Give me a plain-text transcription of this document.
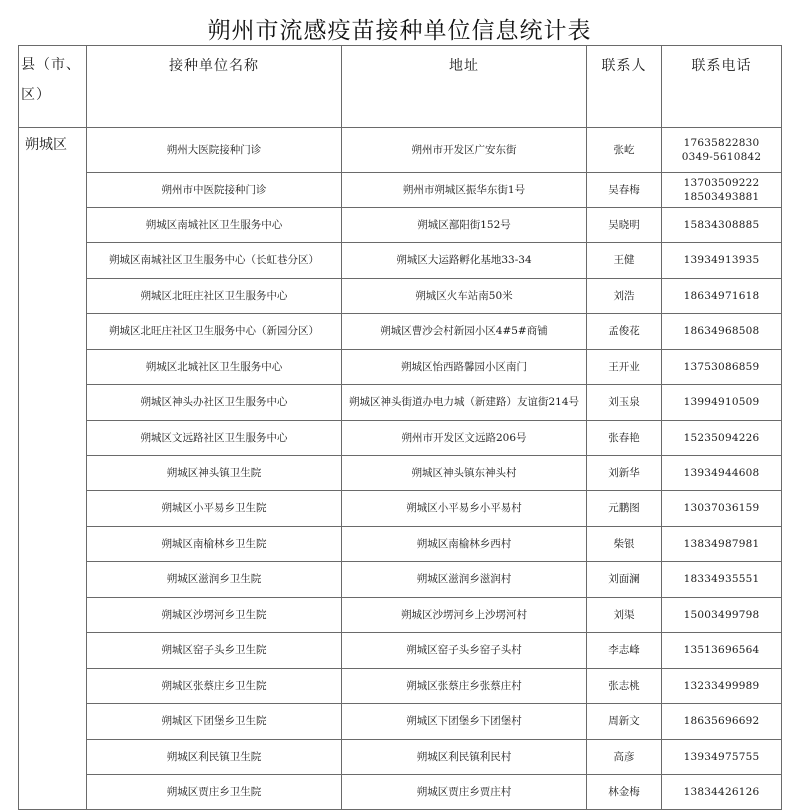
朔州市流感疫苗接种单位信息统计表
县（市、区）	接种单位名称	地址	联系人	联系电话
朔城区	朔州大医院接种门诊	朔州市开发区广安东街	张屹	17635822830
0349-5610842

	朔州市中医院接种门诊	朔州市朔城区振华东街1号	吴春梅	13703509222
18503493881

	朔城区南城社区卫生服务中心	朔城区鄯阳街152号	吴晓明	15834308885

	朔城区南城社区卫生服务中心（长虹巷分区）	朔城区大运路孵化基地33-34	王健	13934913935

	朔城区北旺庄社区卫生服务中心	朔城区火车站南50米	刘浩	18634971618

	朔城区北旺庄社区卫生服务中心（新园分区）	朔城区曹沙会村新园小区4#5#商铺	孟俊花	18634968508

	朔城区北城社区卫生服务中心	朔城区怡西路馨园小区南门	王开业	13753086859

	朔城区神头办社区卫生服务中心	朔城区神头街道办电力城（新建路）友谊街214号	刘玉泉	13994910509

	朔城区文远路社区卫生服务中心	朔州市开发区文远路206号	张春艳	15235094226

	朔城区神头镇卫生院	朔城区神头镇东神头村	刘新华	13934944608

	朔城区小平易乡卫生院	朔城区小平易乡小平易村	元鹏图	13037036159

	朔城区南榆林乡卫生院	朔城区南榆林乡西村	柴银	13834987981

	朔城区滋润乡卫生院	朔城区滋润乡滋润村	刘面澜	18334935551

	朔城区沙塄河乡卫生院	朔城区沙塄河乡上沙塄河村	刘渠	15003499798

	朔城区窑子头乡卫生院	朔城区窑子头乡窑子头村	李志峰	13513696564

	朔城区张蔡庄乡卫生院	朔城区张蔡庄乡张蔡庄村	张志桃	13233499989

	朔城区下团堡乡卫生院	朔城区下团堡乡下团堡村	周新文	18635696692

	朔城区利民镇卫生院	朔城区利民镇利民村	高彦	13934975755

	朔城区贾庄乡卫生院	朔城区贾庄乡贾庄村	林金梅	13834426126
